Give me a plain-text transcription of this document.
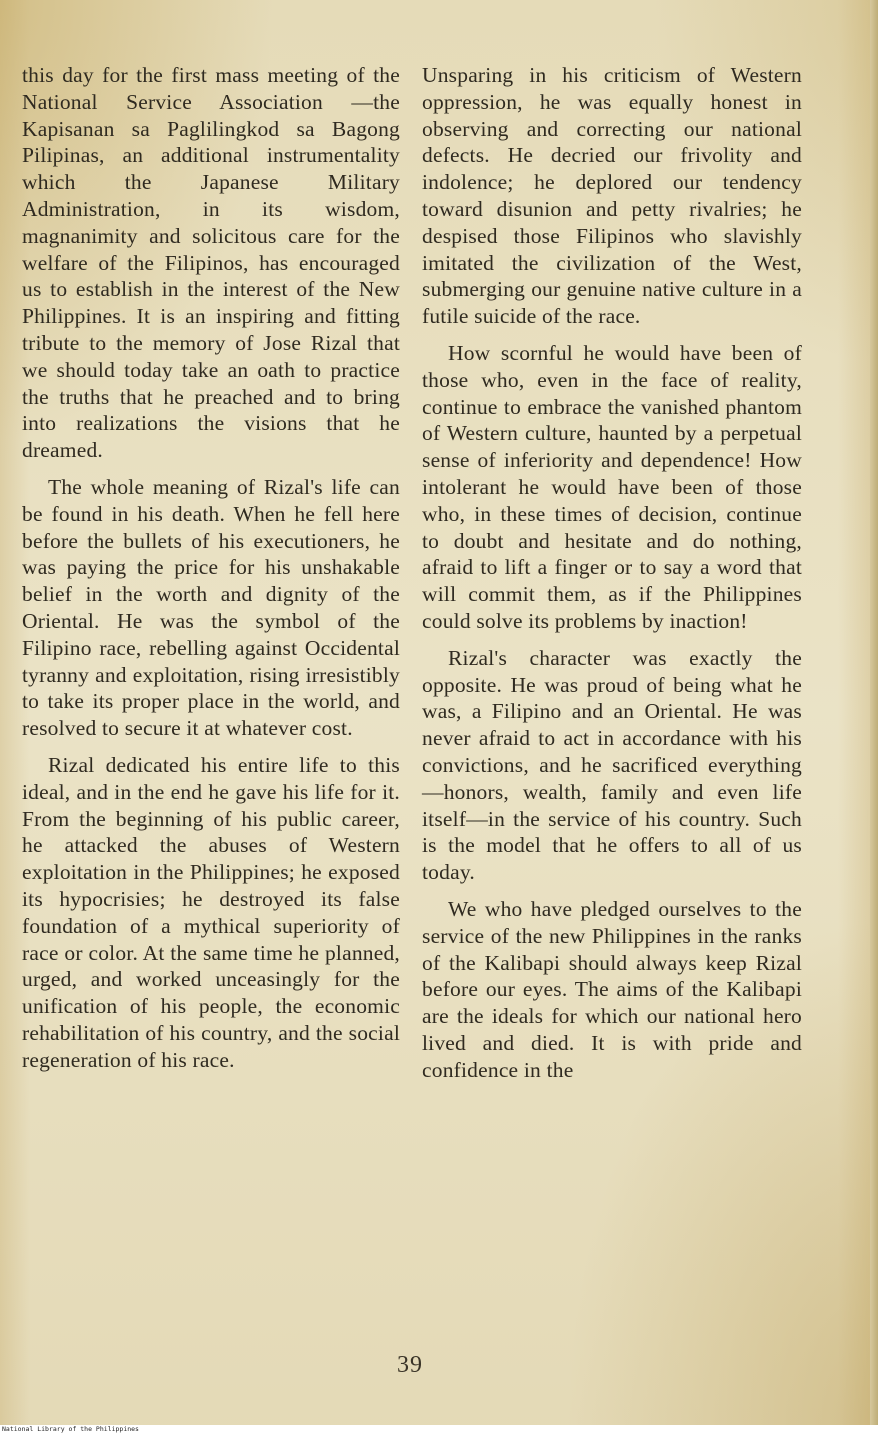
this day for the first mass meeting of the National Service Association —the Kapisanan sa Paglilingkod sa Bagong Pilipinas, an additional instrumentality which the Japanese Military Administration, in its wisdom, magnanimity and solicitous care for the welfare of the Filipinos, has encouraged us to establish in the interest of the New Philippines. It is an inspiring and fitting tribute to the memory of Jose Rizal that we should today take an oath to practice the truths that he preached and to bring into realizations the visions that he dreamed.

The whole meaning of Rizal's life can be found in his death. When he fell here before the bullets of his executioners, he was paying the price for his unshakable belief in the worth and dignity of the Oriental. He was the symbol of the Filipino race, rebelling against Occidental tyranny and exploitation, rising irresistibly to take its proper place in the world, and resolved to secure it at whatever cost.

Rizal dedicated his entire life to this ideal, and in the end he gave his life for it. From the beginning of his public career, he attacked the abuses of Western exploitation in the Philippines; he exposed its hypocrisies; he destroyed its false foundation of a mythical superiority of race or color. At the same time he planned, urged, and worked unceasingly for the unification of his people, the economic rehabilitation of his country, and the social regeneration of his race.

Unsparing in his criticism of Western oppression, he was equally honest in observing and correcting our national defects. He decried our frivolity and indolence; he deplored our tendency toward disunion and petty rivalries; he despised those Filipinos who slavishly imitated the civilization of the West, submerging our genuine native culture in a futile suicide of the race.

How scornful he would have been of those who, even in the face of reality, continue to embrace the vanished phantom of Western culture, haunted by a perpetual sense of inferiority and dependence! How intolerant he would have been of those who, in these times of decision, continue to doubt and hesitate and do nothing, afraid to lift a finger or to say a word that will commit them, as if the Philippines could solve its problems by inaction!

Rizal's character was exactly the opposite. He was proud of being what he was, a Filipino and an Oriental. He was never afraid to act in accordance with his convictions, and he sacrificed everything —honors, wealth, family and even life itself—in the service of his country. Such is the model that he offers to all of us today.

We who have pledged ourselves to the service of the new Philippines in the ranks of the Kalibapi should always keep Rizal before our eyes. The aims of the Kalibapi are the ideals for which our national hero lived and died. It is with pride and confidence in the

39
National Library of the Philippines
